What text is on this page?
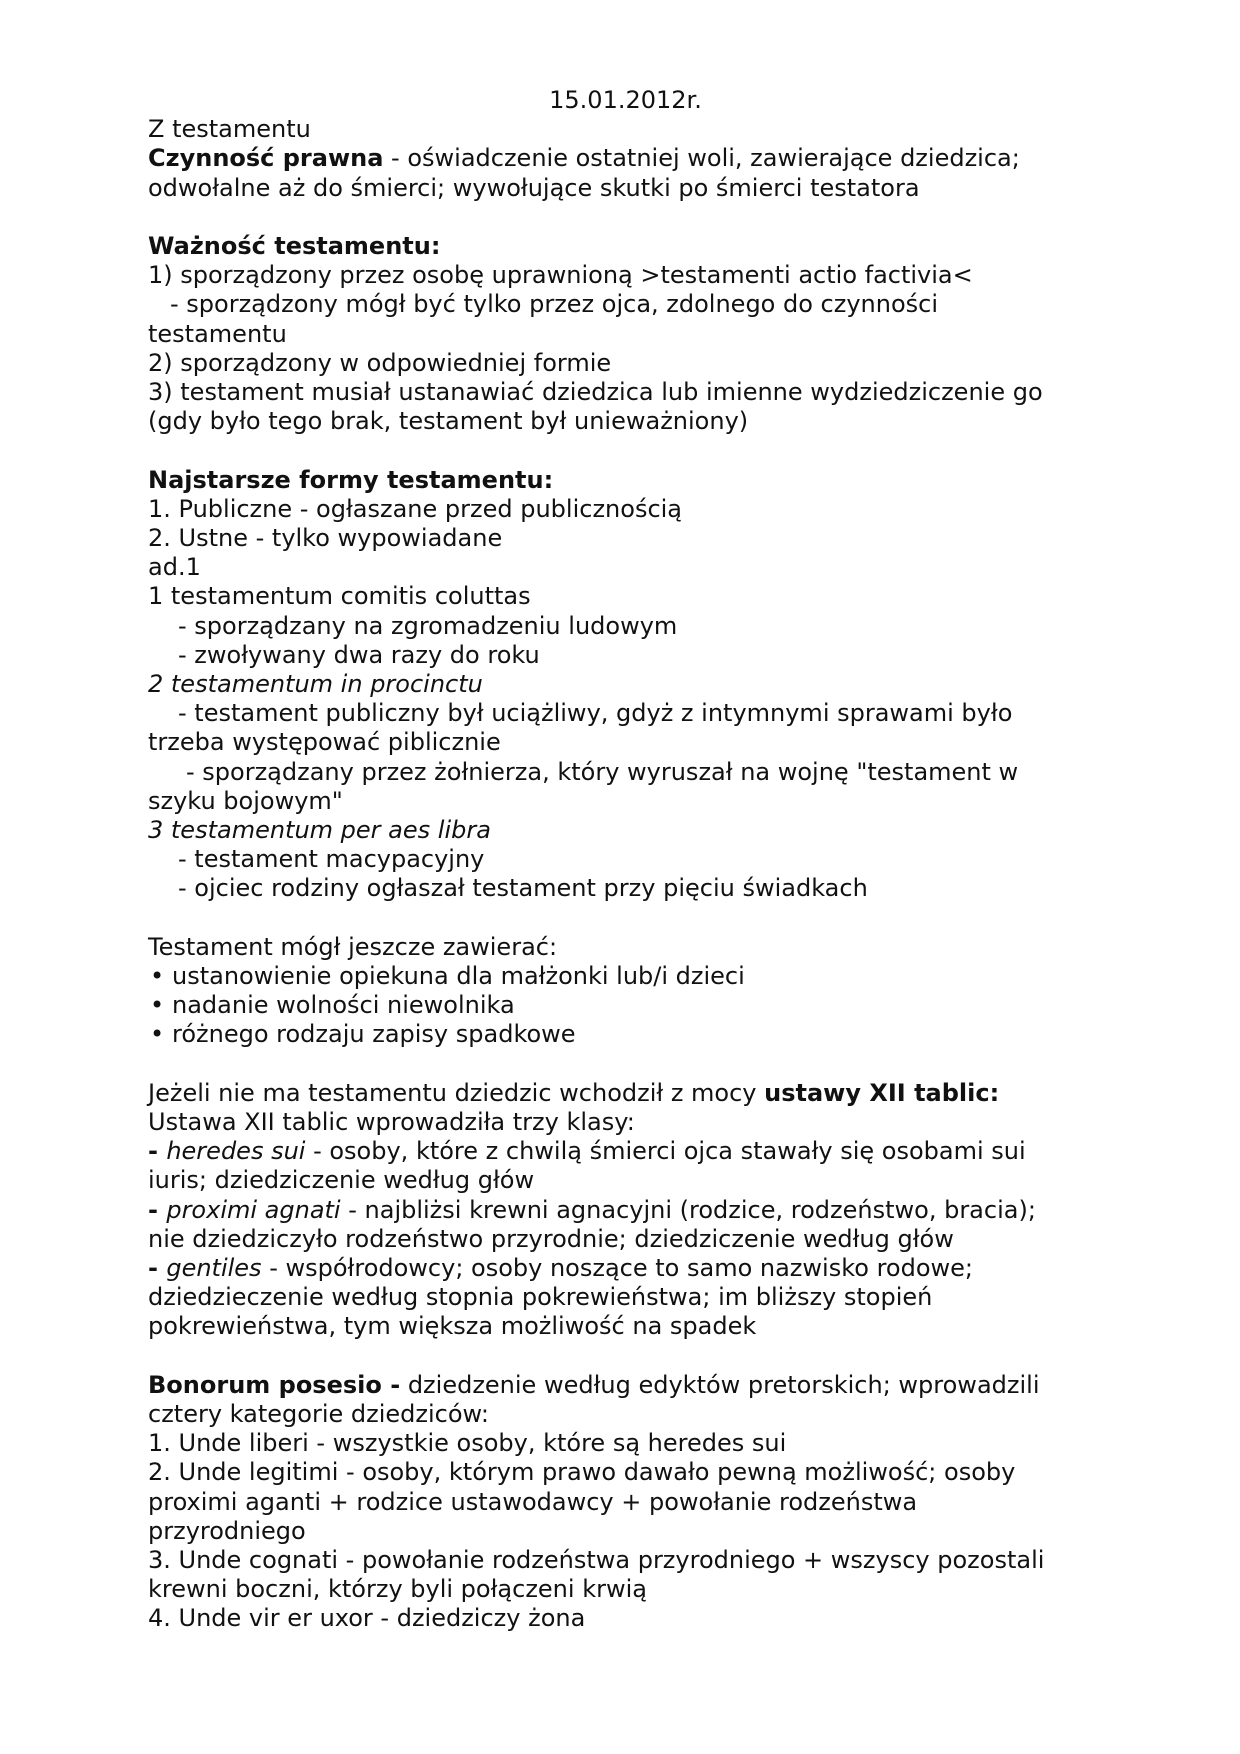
15.01.2012r.

Z testamentu

Czynność prawna - oświadczenie ostatniej woli, zawierające dziedzica;

odwołalne aż do śmierci; wywołujące skutki po śmierci testatora

Ważność testamentu:

1) sporządzony przez osobę uprawnioną >testamenti actio factivia<

- sporządzony mógł być tylko przez ojca, zdolnego do czynności

testamentu

2) sporządzony w odpowiedniej formie

3) testament musiał ustanawiać dziedzica lub imienne wydziedziczenie go

(gdy było tego brak, testament był unieważniony)

Najstarsze formy testamentu:

1. Publiczne - ogłaszane przed publicznością

2. Ustne - tylko wypowiadane

ad.1

1 testamentum comitis coluttas

- sporządzany na zgromadzeniu ludowym

- zwoływany dwa razy do roku

2 testamentum in procinctu

- testament publiczny był uciążliwy, gdyż z intymnymi sprawami było

trzeba występować piblicznie

- sporządzany przez żołnierza, który wyruszał na wojnę "testament w

szyku bojowym"

3 testamentum per aes libra

- testament macypacyjny

- ojciec rodziny ogłaszał testament przy pięciu świadkach

Testament mógł jeszcze zawierać:

• ustanowienie opiekuna dla małżonki lub/i dzieci

• nadanie wolności niewolnika

• różnego rodzaju zapisy spadkowe

Jeżeli nie ma testamentu dziedzic wchodził z mocy ustawy XII tablic:

Ustawa XII tablic wprowadziła trzy klasy:

- heredes sui - osoby, które z chwilą śmierci ojca stawały się osobami sui

iuris; dziedziczenie według głów

- proximi agnati - najbliżsi krewni agnacyjni (rodzice, rodzeństwo, bracia);

nie dziedziczyło rodzeństwo przyrodnie; dziedziczenie według głów

- gentiles - współrodowcy; osoby noszące to samo nazwisko rodowe;

dziedzieczenie według stopnia pokrewieństwa; im bliższy stopień

pokrewieństwa, tym większa możliwość na spadek

Bonorum posesio - dziedzenie według edyktów pretorskich; wprowadzili

cztery kategorie dziedziców:

1. Unde liberi - wszystkie osoby, które są heredes sui

2. Unde legitimi - osoby, którym prawo dawało pewną możliwość; osoby

proximi aganti + rodzice ustawodawcy + powołanie rodzeństwa

przyrodniego

3. Unde cognati - powołanie rodzeństwa przyrodniego + wszyscy pozostali

krewni boczni, którzy byli połączeni krwią

4. Unde vir er uxor - dziedziczy żona
